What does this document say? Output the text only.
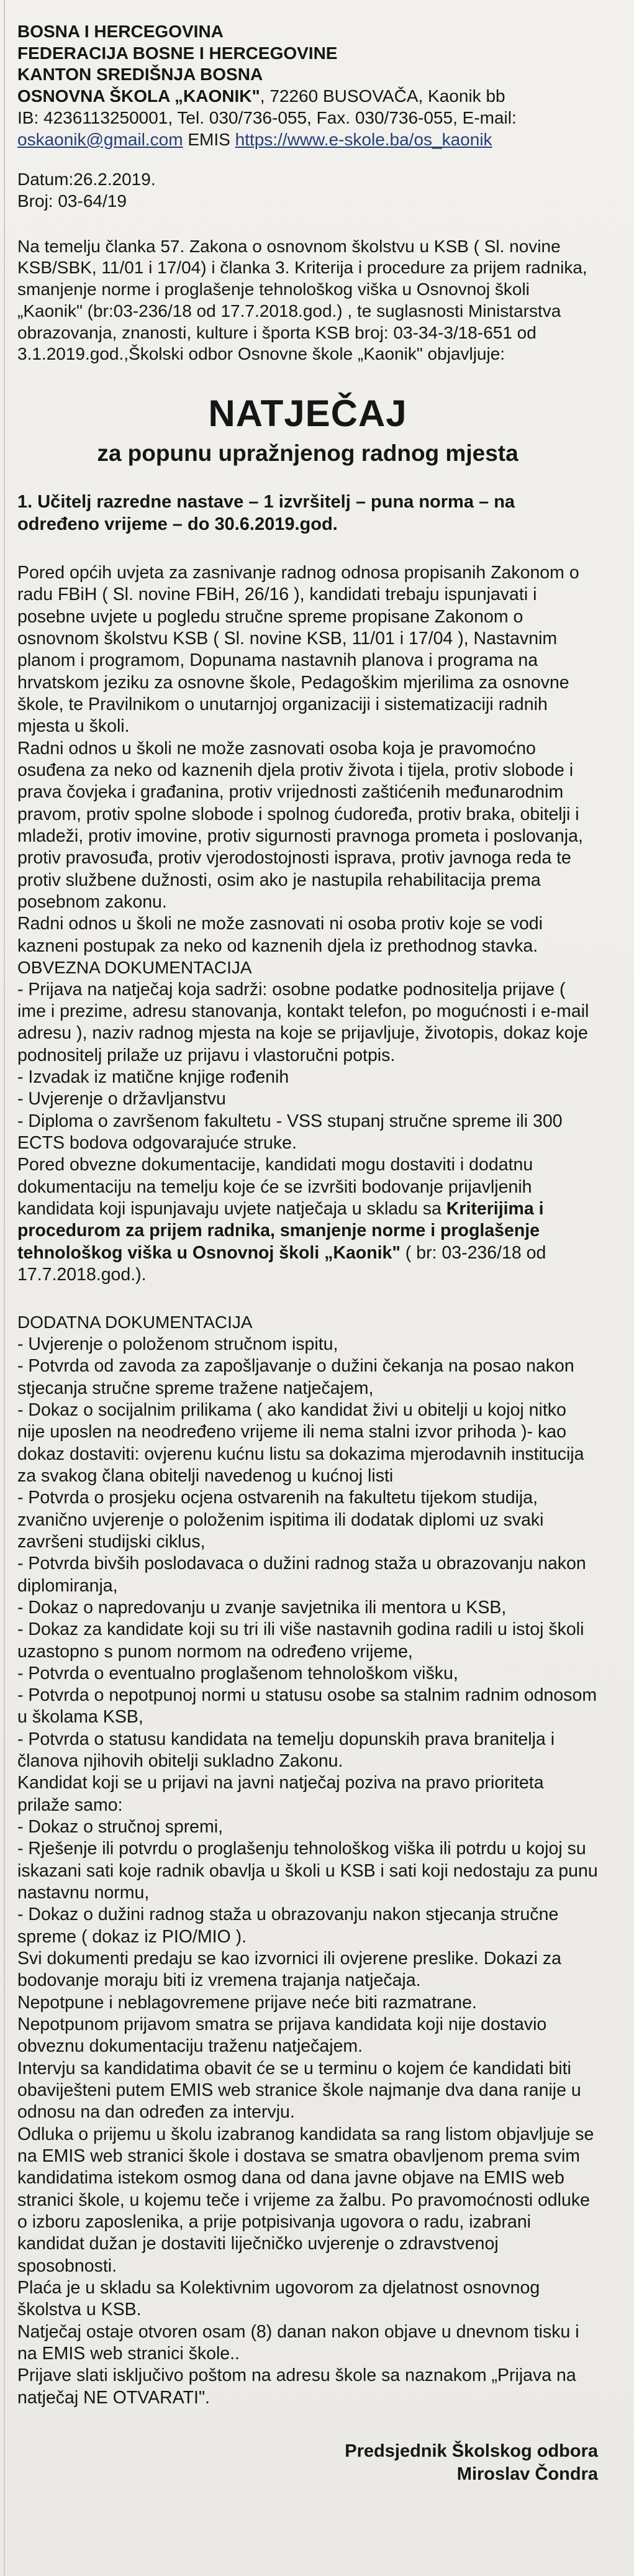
BOSNA I HERCEGOVINA
FEDERACIJA BOSNE I HERCEGOVINE
KANTON SREDIŠNJA BOSNA
OSNOVNA ŠKOLA „KAONIK", 72260 BUSOVAČA, Kaonik bb
IB: 4236113250001, Tel. 030/736-055, Fax. 030/736-055, E-mail:
oskaonik@gmail.com EMIS https://www.e-skole.ba/os_kaonik
Datum:26.2.2019.
Broj: 03-64/19
Na temelju članka 57. Zakona o osnovnom školstvu u KSB ( Sl. novine KSB/SBK, 11/01 i 17/04) i članka 3. Kriterija i procedure za prijem radnika, smanjenje norme i proglašenje tehnološkog viška u Osnovnoj školi „Kaonik" (br:03-236/18 od 17.7.2018.god.) , te suglasnosti Ministarstva obrazovanja, znanosti, kulture i športa KSB broj: 03-34-3/18-651 od 3.1.2019.god.,Školski odbor Osnovne škole „Kaonik" objavljuje:
NATJEČAJ
za popunu upražnjenog radnog mjesta
1. Učitelj razredne nastave – 1 izvršitelj – puna norma – na
određeno vrijeme – do 30.6.2019.god.

Pored općih uvjeta za zasnivanje radnog odnosa propisanih Zakonom o radu FBiH ( Sl. novine FBiH, 26/16 ), kandidati trebaju ispunjavati i posebne uvjete u pogledu stručne spreme propisane Zakonom o osnovnom školstvu KSB ( Sl. novine KSB, 11/01 i 17/04 ), Nastavnim planom i programom, Dopunama nastavnih planova i programa na hrvatskom jeziku za osnovne škole, Pedagoškim mjerilima za osnovne škole, te Pravilnikom o unutarnjoj organizaciji i sistematizaciji radnih mjesta u školi.

Radni odnos u školi ne može zasnovati osoba koja je pravomoćno osuđena za neko od kaznenih djela protiv života i tijela, protiv slobode i prava čovjeka i građanina, protiv vrijednosti zaštićenih međunarodnim pravom, protiv spolne slobode i spolnog ćudoređa, protiv braka, obitelji i mladeži, protiv imovine, protiv sigurnosti pravnoga prometa i poslovanja, protiv pravosuđa, protiv vjerodostojnosti isprava, protiv javnoga reda te protiv službene dužnosti, osim ako je nastupila rehabilitacija prema posebnom zakonu.

Radni odnos u školi ne može zasnovati ni osoba protiv koje se vodi kazneni postupak za neko od kaznenih djela iz prethodnog stavka.

OBVEZNA DOKUMENTACIJA
- Prijava na natječaj koja sadrži: osobne podatke podnositelja prijave ( ime i prezime, adresu stanovanja, kontakt telefon, po mogućnosti i e-mail adresu ), naziv radnog mjesta na koje se prijavljuje, životopis, dokaz koje podnositelj prilaže uz prijavu i vlastoručni potpis.
- Izvadak iz matične knjige rođenih
- Uvjerenje o državljanstvu
- Diploma o završenom fakultetu - VSS stupanj stručne spreme ili 300 ECTS bodova odgovarajuće struke.

Pored obvezne dokumentacije, kandidati mogu dostaviti i dodatnu dokumentaciju na temelju koje će se izvršiti bodovanje prijavljenih kandidata koji ispunjavaju uvjete natječaja u skladu sa Kriterijima i procedurom za prijem radnika, smanjenje norme i proglašenje tehnološkog viška u Osnovnoj školi „Kaonik" ( br: 03-236/18 od 17.7.2018.god.).

DODATNA DOKUMENTACIJA
- Uvjerenje o položenom stručnom ispitu,
- Potvrda od zavoda za zapošljavanje o dužini čekanja na posao nakon stjecanja stručne spreme tražene natječajem,
- Dokaz o socijalnim prilikama ( ako kandidat živi u obitelji u kojoj nitko nije uposlen na neodređeno vrijeme ili nema stalni izvor prihoda )- kao dokaz dostaviti: ovjerenu kućnu listu sa dokazima mjerodavnih institucija za svakog člana obitelji navedenog u kućnoj listi
- Potvrda o prosjeku ocjena ostvarenih na fakultetu tijekom studija, zvanično uvjerenje o položenim ispitima ili dodatak diplomi uz svaki završeni studijski ciklus,
- Potvrda bivših poslodavaca o dužini radnog staža u obrazovanju nakon diplomiranja,
- Dokaz o napredovanju u zvanje savjetnika ili mentora u KSB,
- Dokaz za kandidate koji su tri ili više nastavnih godina radili u istoj školi uzastopno s punom normom na određeno vrijeme,
- Potvrda o eventualno proglašenom tehnološkom višku,
- Potvrda o nepotpunoj normi u statusu osobe sa stalnim radnim odnosom u školama KSB,
- Potvrda o statusu kandidata na temelju dopunskih prava branitelja i članova njihovih obitelji sukladno Zakonu.

Kandidat koji se u prijavi na javni natječaj poziva na pravo prioriteta prilaže samo:

- Dokaz o stručnoj spremi,
- Rješenje ili potvrdu o proglašenju tehnološkog viška ili potrdu u kojoj su iskazani sati koje radnik obavlja u školi u KSB i sati koji nedostaju za punu nastavnu normu,
- Dokaz o dužini radnog staža u obrazovanju nakon stjecanja stručne spreme ( dokaz iz PIO/MIO ).

Svi dokumenti predaju se kao izvornici ili ovjerene preslike. Dokazi za bodovanje moraju biti iz vremena trajanja natječaja.

Nepotpune i neblagovremene prijave neće biti razmatrane.

Nepotpunom prijavom smatra se prijava kandidata koji nije dostavio obveznu dokumentaciju traženu natječajem.

Intervju sa kandidatima obavit će se u terminu o kojem će kandidati biti obaviješteni putem EMIS web stranice škole najmanje dva dana ranije u odnosu na dan određen za intervju.

Odluka o prijemu u školu izabranog kandidata sa rang listom objavljuje se na EMIS web stranici škole i dostava se smatra obavljenom prema svim kandidatima istekom osmog dana od dana javne objave na EMIS web stranici škole, u kojemu teče i vrijeme za žalbu. Po pravomoćnosti odluke o izboru zaposlenika, a prije potpisivanja ugovora o radu, izabrani kandidat dužan je dostaviti liječničko uvjerenje o zdravstvenoj sposobnosti.

Plaća je u skladu sa Kolektivnim ugovorom za djelatnost osnovnog školstva u KSB.

Natječaj ostaje otvoren osam (8) danan nakon objave u dnevnom tisku i na EMIS web stranici škole..

Prijave slati isključivo poštom na adresu škole sa naznakom „Prijava na natječaj NE OTVARATI".

Predsjednik Školskog odbora
Miroslav Čondra
